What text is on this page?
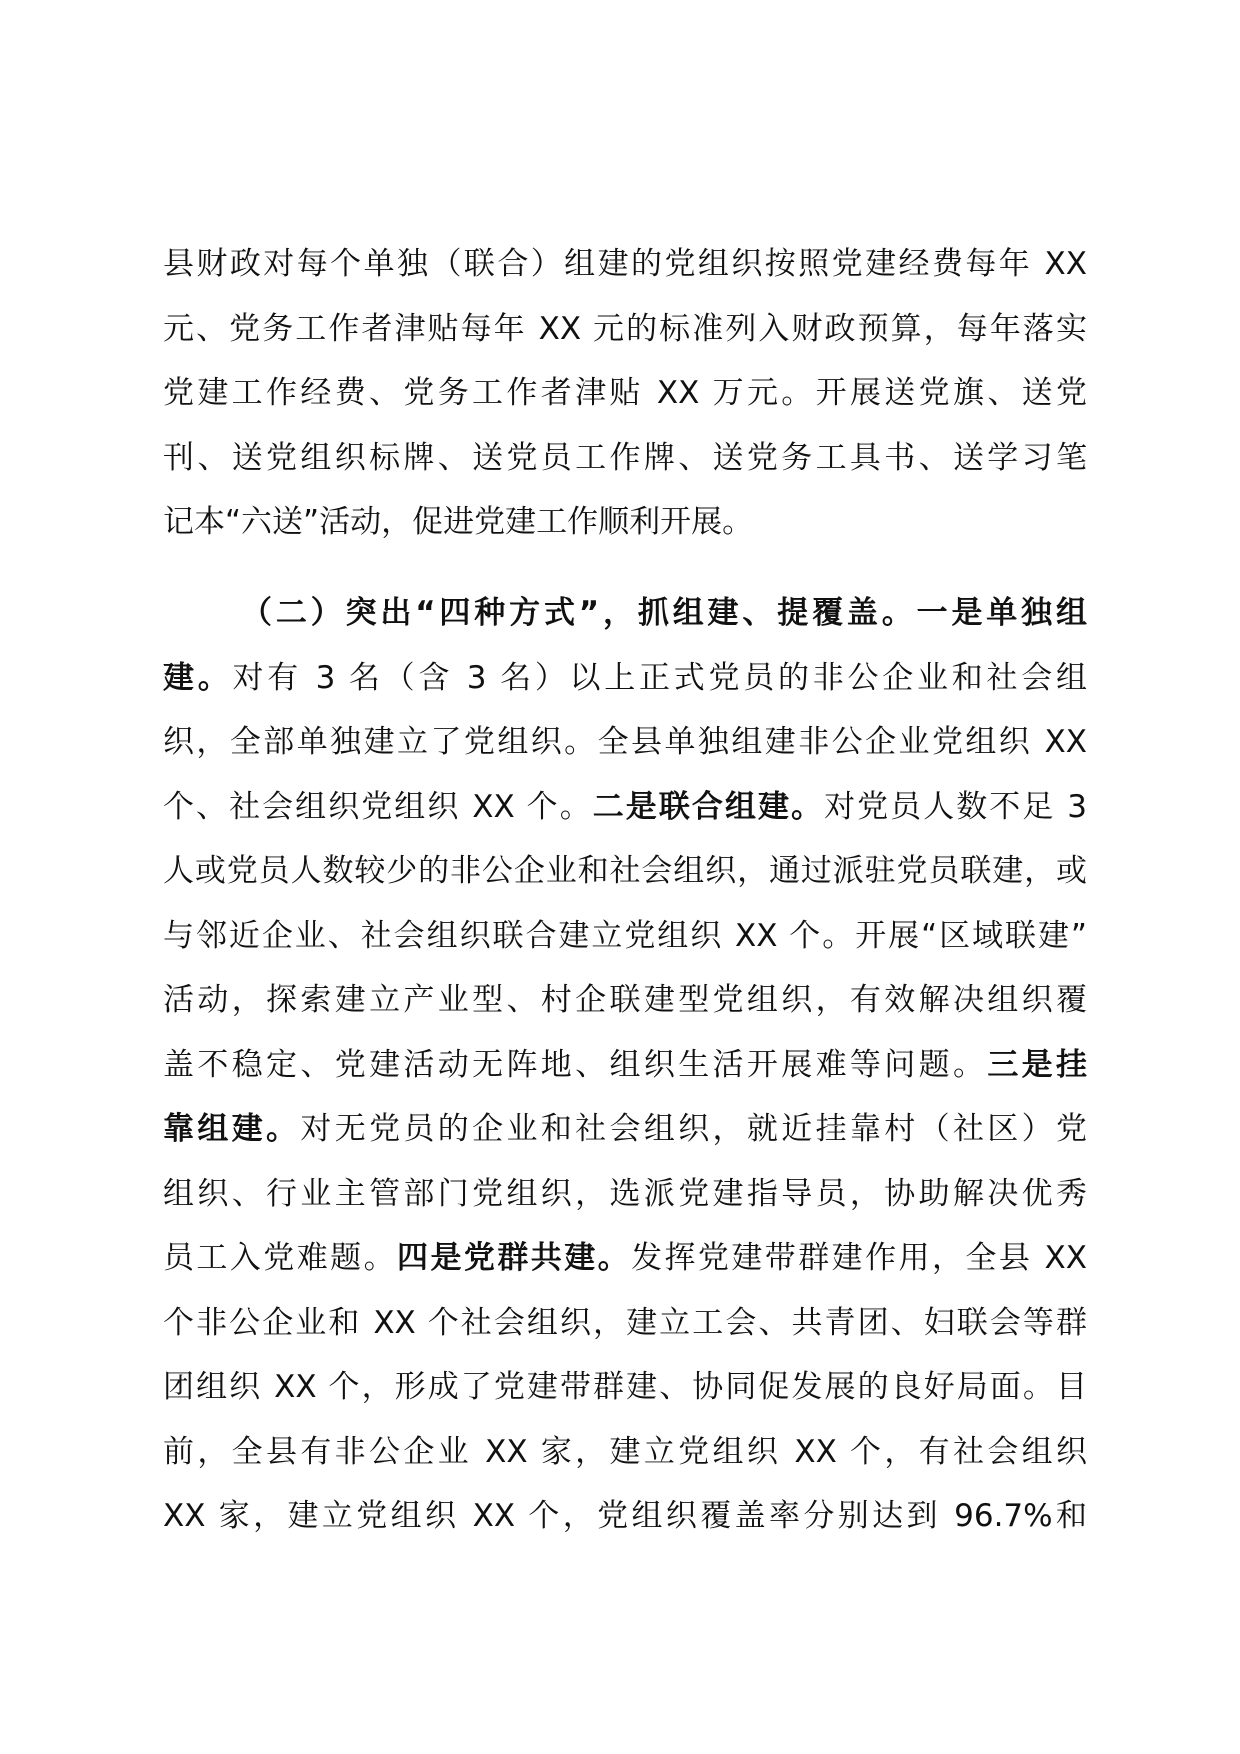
县财政对每个单独（联合）组建的党组织按照党建经费每年 XX
元、党务工作者津贴每年 XX 元的标准列入财政预算，每年落实
党建工作经费、党务工作者津贴 XX 万元。开展送党旗、送党
刊、送党组织标牌、送党员工作牌、送党务工具书、送学习笔
记本“六送”活动，促进党建工作顺利开展。
（二）突出“四种方式”，抓组建、提覆盖。一是单独组
建。对有 3 名（含 3 名）以上正式党员的非公企业和社会组
织，全部单独建立了党组织。全县单独组建非公企业党组织 XX
个、社会组织党组织 XX 个。二是联合组建。对党员人数不足 3
人或党员人数较少的非公企业和社会组织，通过派驻党员联建，或
与邻近企业、社会组织联合建立党组织 XX 个。开展“区域联建”
活动，探索建立产业型、村企联建型党组织，有效解决组织覆
盖不稳定、党建活动无阵地、组织生活开展难等问题。三是挂
靠组建。对无党员的企业和社会组织，就近挂靠村（社区）党
组织、行业主管部门党组织，选派党建指导员，协助解决优秀
员工入党难题。四是党群共建。发挥党建带群建作用，全县 XX
个非公企业和 XX 个社会组织，建立工会、共青团、妇联会等群
团组织 XX 个，形成了党建带群建、协同促发展的良好局面。目
前，全县有非公企业 XX 家，建立党组织 XX 个，有社会组织
XX 家，建立党组织 XX 个，党组织覆盖率分别达到 96.7%和
